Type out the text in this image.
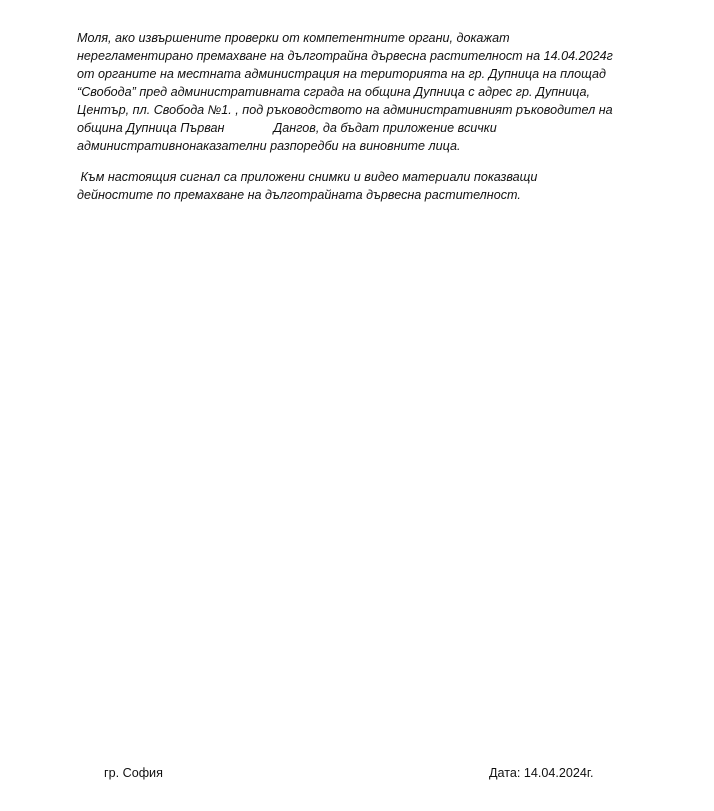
Моля, ако извършените проверки от компетентните органи, докажат
нерегламентирано премахване на дълготрайна дървесна растителност на 14.04.2024г
от органите на местната администрация на територията на гр. Дупница на площад
“Свобода” пред административната сграда на община Дупница с адрес гр. Дупница,
Център, пл. Свобода №1. , под ръководството на административният ръководител на
община Дупница Първан              Дангов, да бъдат приложение всички
административнонаказателни разпоредби на виновните лица.

Към настоящия сигнал са приложени снимки и видео материали показващи
дейностите по премахване на дълготрайната дървесна растителност.

гр. София	Дата: 14.04.2024г.
